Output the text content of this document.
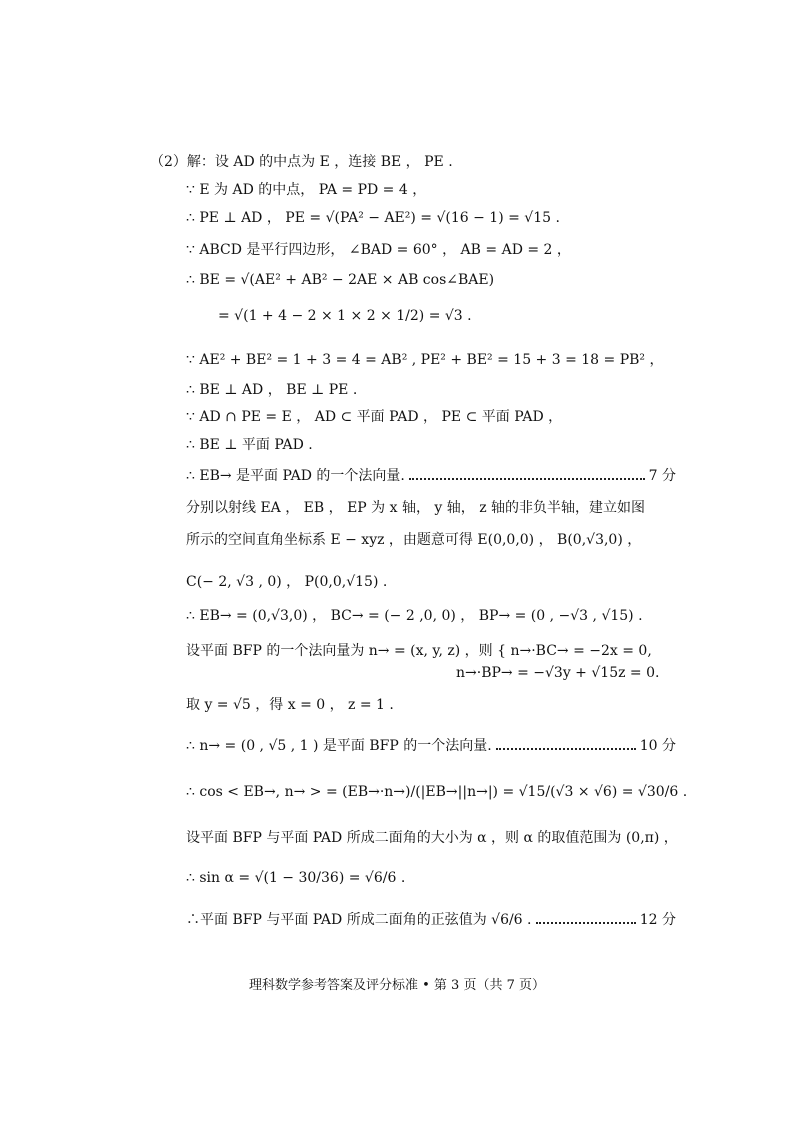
（2）解：设 AD 的中点为 E ，连接 BE ， PE .
∵ E 为 AD 的中点， PA = PD = 4 ，
∴ PE ⊥ AD ， PE = √(PA² − AE²) = √(16 − 1) = √15 .
∵ ABCD 是平行四边形， ∠BAD = 60° ， AB = AD = 2 ，
∴ BE = √(AE² + AB² − 2AE × AB cos∠BAE)
= √(1 + 4 − 2 × 1 × 2 × 1/2) = √3 .
∵ AE² + BE² = 1 + 3 = 4 = AB² , PE² + BE² = 15 + 3 = 18 = PB² ，
∴ BE ⊥ AD ， BE ⊥ PE .
∵ AD ∩ PE = E ， AD ⊂ 平面 PAD ， PE ⊂ 平面 PAD ，
∴ BE ⊥ 平面 PAD .
∴ EB→ 是平面 PAD 的一个法向量.	7 分
分别以射线 EA ， EB ， EP 为 x 轴， y 轴， z 轴的非负半轴，建立如图
所示的空间直角坐标系 E − xyz ，由题意可得 E(0,0,0) ， B(0,√3,0) ，
C(− 2, √3 , 0) ， P(0,0,√15) .
∴ EB→ = (0,√3,0) ， BC→ = (− 2 ,0, 0) ， BP→ = (0 , −√3 , √15) .
设平面 BFP 的一个法向量为 n→ = (x, y, z) ，则 { n→·BC→ = −2x = 0,
n→·BP→ = −√3y + √15z = 0.
取 y = √5 ，得 x = 0 ， z = 1 .
∴ n→ = (0 , √5 , 1 ) 是平面 BFP 的一个法向量.	10 分
∴ cos < EB→, n→ > = (EB→·n→)/(|EB→||n→|) = √15/(√3 × √6) = √30/6 .
设平面 BFP 与平面 PAD 所成二面角的大小为 α ，则 α 的取值范围为 (0,π) ，
∴ sin α = √(1 − 30/36) = √6/6 .
∴平面 BFP 与平面 PAD 所成二面角的正弦值为 √6/6 .	12 分
理科数学参考答案及评分标准 • 第 3 页（共 7 页）
